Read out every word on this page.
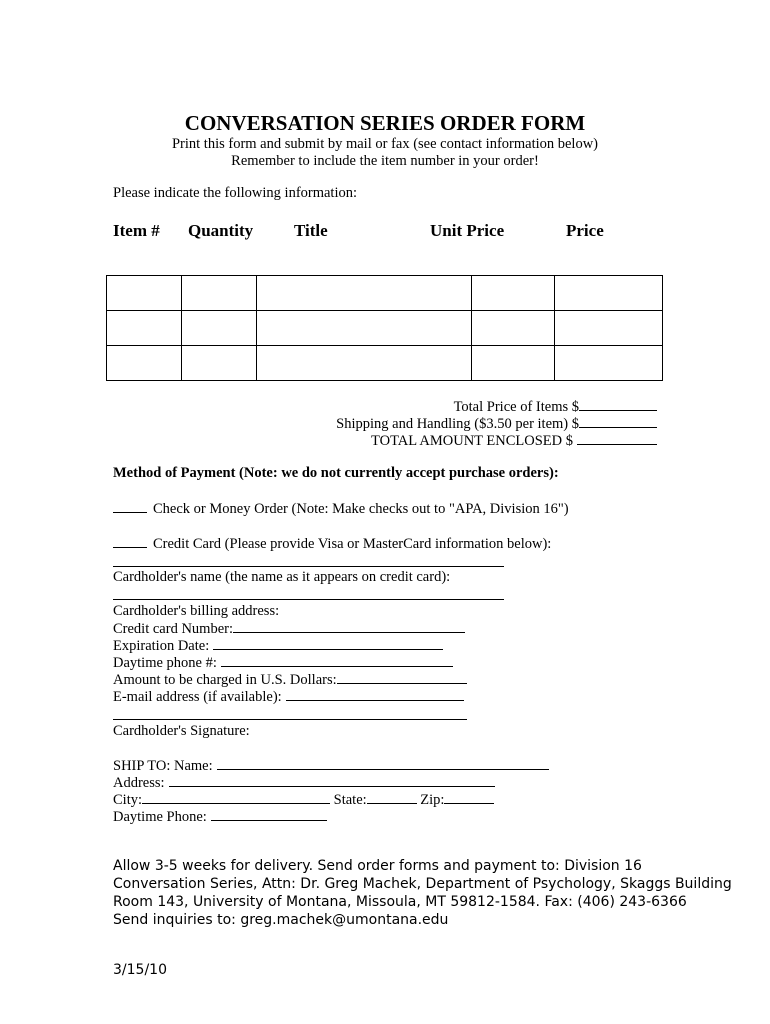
CONVERSATION SERIES ORDER FORM
Print this form and submit by mail or fax (see contact information below)
Remember to include the item number in your order!
Please indicate the following information:
Item # Quantity Title	Unit Price	Price

Total Price of Items $
Shipping and Handling ($3.50 per item) $
TOTAL AMOUNT ENCLOSED $
Method of Payment (Note: we do not currently accept purchase orders):
Check or Money Order (Note: Make checks out to "APA, Division 16")
Credit Card (Please provide Visa or MasterCard information below):
Cardholder's name (the name as it appears on credit card):
Cardholder's billing address:
Credit card Number:
Expiration Date:
Daytime phone #:
Amount to be charged in U.S. Dollars:
E-mail address (if available):
Cardholder's Signature:
SHIP TO: Name:
Address:
City:	State:	Zip:
Daytime Phone:
Allow 3-5 weeks for delivery. Send order forms and payment to: Division 16
Conversation Series, Attn: Dr. Greg Machek, Department of Psychology, Skaggs Building
Room 143, University of Montana, Missoula, MT 59812-1584. Fax: (406) 243-6366
Send inquiries to: greg.machek@umontana.edu
3/15/10
